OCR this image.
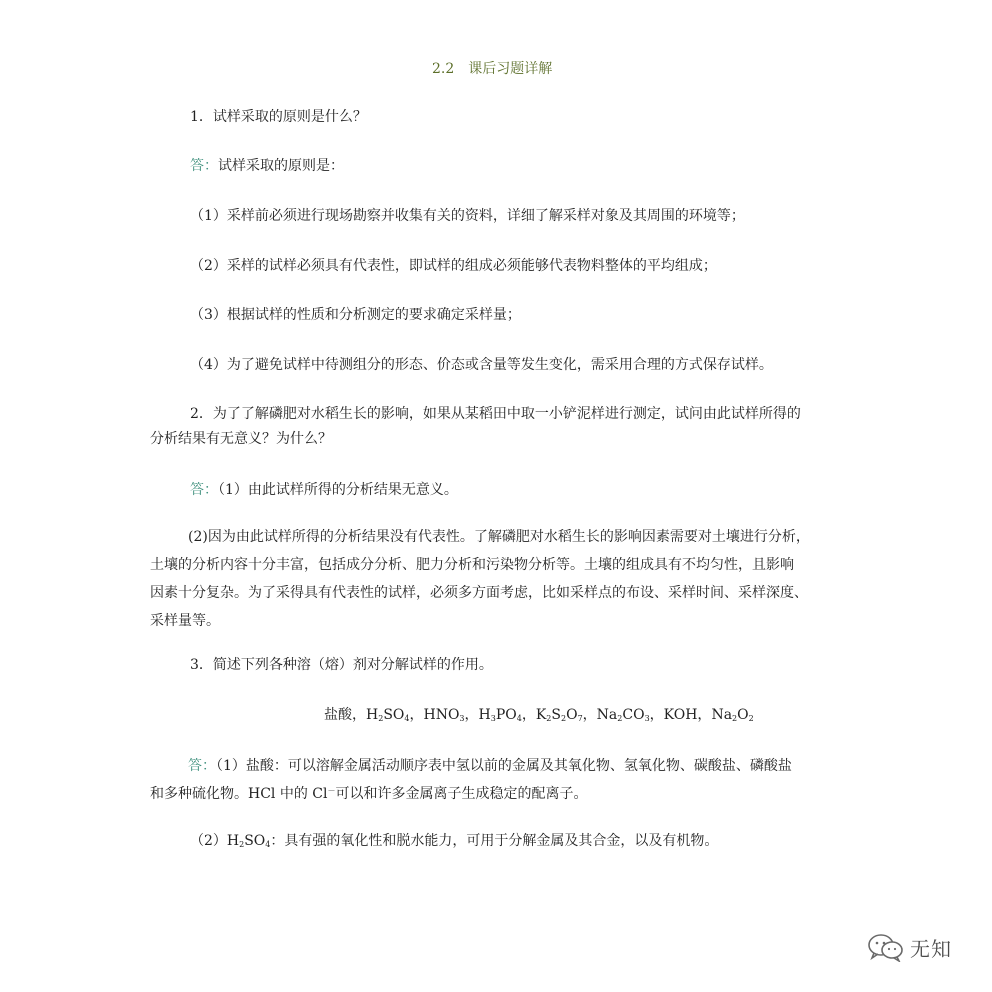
2.2　课后习题详解
1．试样采取的原则是什么？
答：试样采取的原则是：
（1）采样前必须进行现场勘察并收集有关的资料，详细了解采样对象及其周围的环境等；
（2）采样的试样必须具有代表性，即试样的组成必须能够代表物料整体的平均组成；
（3）根据试样的性质和分析测定的要求确定采样量；
（4）为了避免试样中待测组分的形态、价态或含量等发生变化，需采用合理的方式保存试样。
2．为了了解磷肥对水稻生长的影响，如果从某稻田中取一小铲泥样进行测定，试问由此试样所得的
分析结果有无意义？为什么？
答：（1）由此试样所得的分析结果无意义。
(2)因为由此试样所得的分析结果没有代表性。了解磷肥对水稻生长的影响因素需要对土壤进行分析，
土壤的分析内容十分丰富，包括成分分析、肥力分析和污染物分析等。土壤的组成具有不均匀性，且影响
因素十分复杂。为了采得具有代表性的试样，必须多方面考虑，比如采样点的布设、采样时间、采样深度、
采样量等。
3．简述下列各种溶（熔）剂对分解试样的作用。
盐酸，$H_2SO_4$，$HNO_3$，$H_3PO_4$，$K_2S_2O_7$，$Na_2CO_3$，KOH，$Na_2O_2$
答：（1）盐酸：可以溶解金属活动顺序表中氢以前的金属及其氧化物、氢氧化物、碳酸盐、磷酸盐
和多种硫化物。HCl 中的 Cl－可以和许多金属离子生成稳定的配离子。
$(2)H_2SO_4$：具有强的氧化性和脱水能力，可用于分解金属及其合金，以及有机物。
无知
